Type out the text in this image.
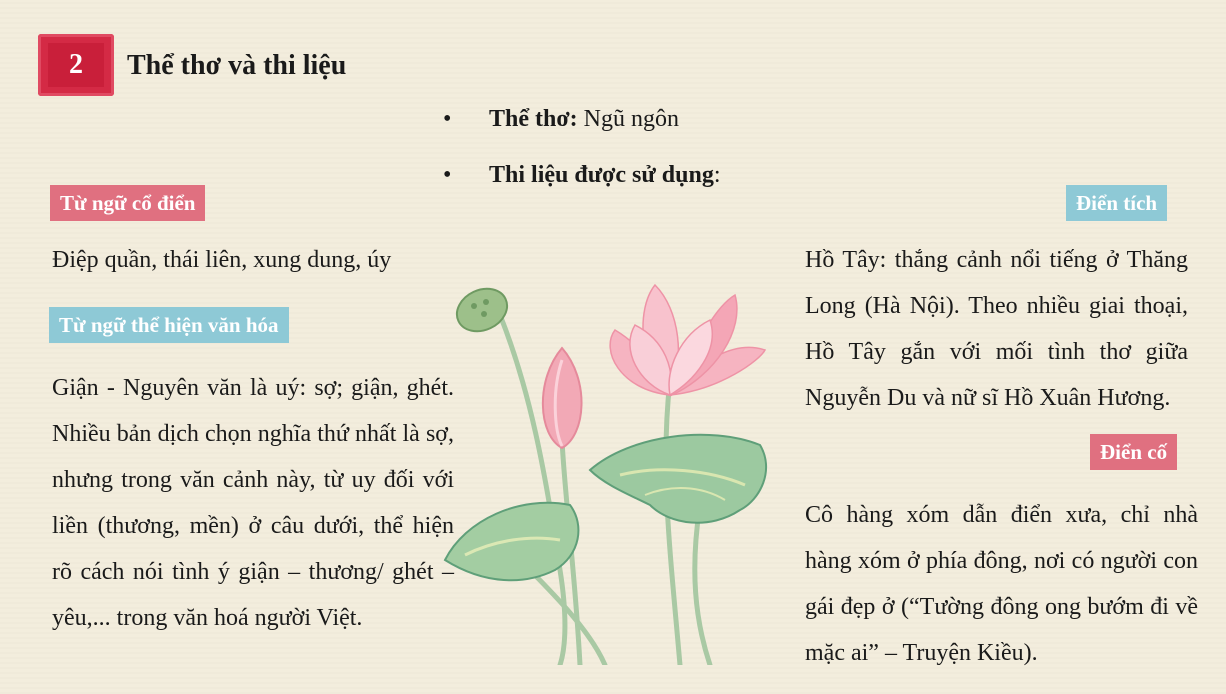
2	Thể thơ và thi liệu
• Thể thơ: Ngũ ngôn
• Thi liệu được sử dụng:
Từ ngữ cổ điển
Điệp quần, thái liên, xung dung, úy
Từ ngữ thể hiện văn hóa
Giận - Nguyên văn là uý: sợ; giận, ghét. Nhiều bản dịch chọn nghĩa thứ nhất là sợ, nhưng trong văn cảnh này, từ uy đối với liền (thương, mền) ở câu dưới, thể hiện rõ cách nói tình ý giận – thương/ ghét – yêu,... trong văn hoá người Việt.
Điển tích
Hồ Tây: thắng cảnh nổi tiếng ở Thăng Long (Hà Nội). Theo nhiều giai thoại, Hồ Tây gắn với mối tình thơ giữa Nguyễn Du và nữ sĩ Hồ Xuân Hương.
Điển cố
Cô hàng xóm dẫn điển xưa, chỉ nhà hàng xóm ở phía đông, nơi có người con gái đẹp ở (“Tường đông ong bướm đi về mặc ai” – Truyện Kiều).
